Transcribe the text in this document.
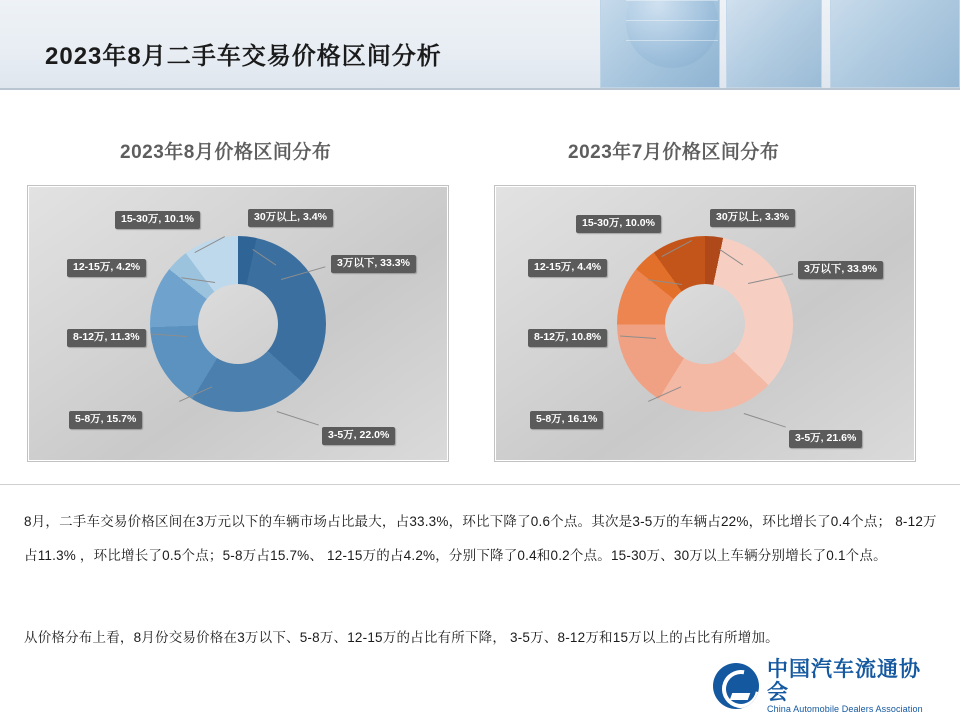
2023年8月二手车交易价格区间分析
2023年8月价格区间分布
30万以上, 3.4%
3万以下, 33.3%
15-30万, 10.1%
12-15万, 4.2%
8-12万, 11.3%
5-8万, 15.7%
3-5万, 22.0%
2023年7月价格区间分布
30万以上, 3.3%
3万以下, 33.9%
15-30万, 10.0%
12-15万, 4.4%
8-12万, 10.8%
5-8万, 16.1%
3-5万, 21.6%
8月，二手车交易价格区间在3万元以下的车辆市场占比最大，占33.3%，环比下降了0.6个点。其次是3-5万的车辆占22%，环比增长了0.4个点； 8-12万占11.3% ，环比增长了0.5个点；5-8万占15.7%、 12-15万的占4.2%，分别下降了0.4和0.2个点。15-30万、30万以上车辆分别增长了0.1个点。
从价格分布上看，8月份交易价格在3万以下、5-8万、12-15万的占比有所下降， 3-5万、8-12万和15万以上的占比有所增加。
中国汽车流通协会
China Automobile Dealers Association
